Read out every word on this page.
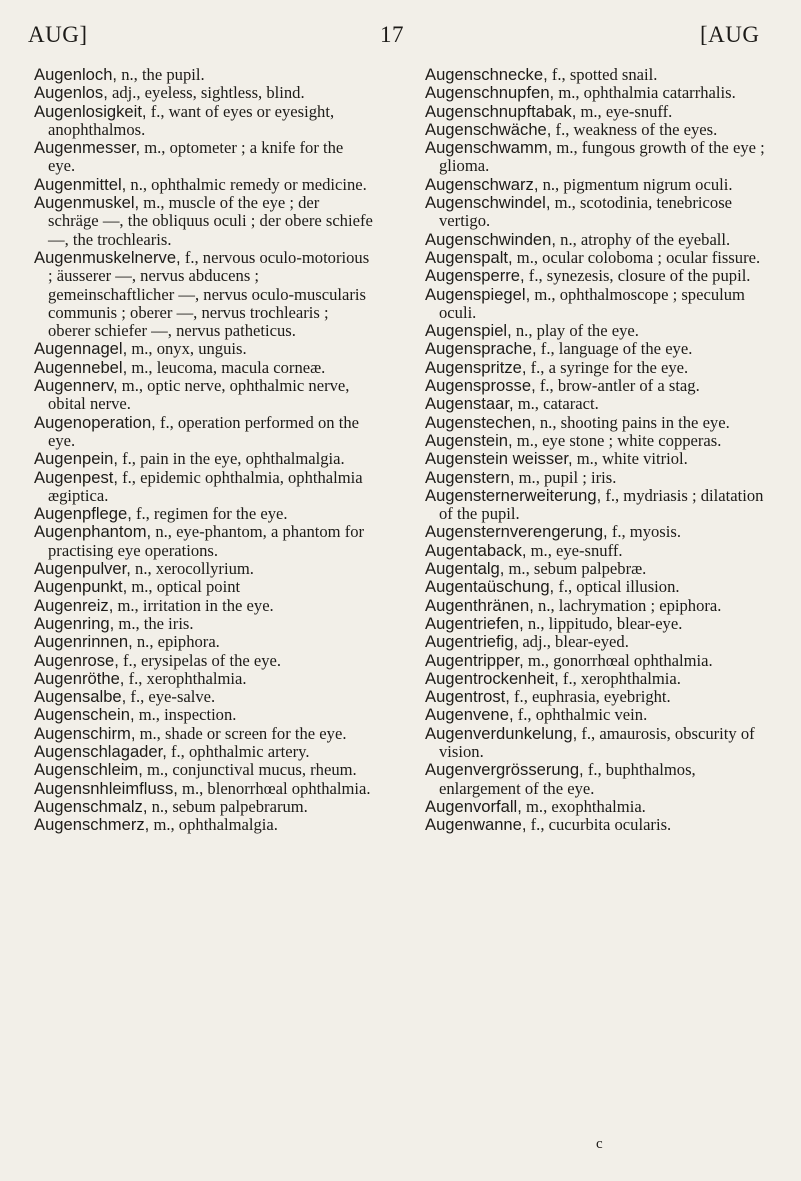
AUG]	17	[AUG

Augenloch, n., the pupil.

Augenlos, adj., eyeless, sightless, blind.

Augenlosigkeit, f., want of eyes or eyesight, anophthalmos.

Augenmesser, m., optometer ; a knife for the eye.

Augenmittel, n., ophthalmic remedy or medicine.

Augenmuskel, m., muscle of the eye ; der schräge —, the obliquus oculi ; der obere schiefe —, the trochlearis.

Augenmuskelnerve, f., nervous oculo-motorious ; äusserer —, nervus abducens ; gemeinschaftlicher —, nervus oculo-muscularis communis ; oberer —, nervus trochlearis ; oberer schiefer —, nervus patheticus.

Augennagel, m., onyx, unguis.

Augennebel, m., leucoma, macula corneæ.

Augennerv, m., optic nerve, ophthalmic nerve, obital nerve.

Augenoperation, f., operation performed on the eye.

Augenpein, f., pain in the eye, ophthalmalgia.

Augenpest, f., epidemic ophthalmia, ophthalmia ægiptica.

Augenpflege, f., regimen for the eye.

Augenphantom, n., eye-phantom, a phantom for practising eye operations.

Augenpulver, n., xerocollyrium.

Augenpunkt, m., optical point

Augenreiz, m., irritation in the eye.

Augenring, m., the iris.

Augenrinnen, n., epiphora.

Augenrose, f., erysipelas of the eye.

Augenröthe, f., xerophthalmia.

Augensalbe, f., eye-salve.

Augenschein, m., inspection.

Augenschirm, m., shade or screen for the eye.

Augenschlagader, f., ophthalmic artery.

Augenschleim, m., conjunctival mucus, rheum.

Augensnhleimfluss, m., blenorrhœal ophthalmia.

Augenschmalz, n., sebum palpebrarum.

Augenschmerz, m., ophthalmalgia.

Augenschnecke, f., spotted snail.

Augenschnupfen, m., ophthalmia catarrhalis.

Augenschnupftabak, m., eye-snuff.

Augenschwäche, f., weakness of the eyes.

Augenschwamm, m., fungous growth of the eye ; glioma.

Augenschwarz, n., pigmentum nigrum oculi.

Augenschwindel, m., scotodinia, tenebricose vertigo.

Augenschwinden, n., atrophy of the eyeball.

Augenspalt, m., ocular coloboma ; ocular fissure.

Augensperre, f., synezesis, closure of the pupil.

Augenspiegel, m., ophthalmoscope ; speculum oculi.

Augenspiel, n., play of the eye.

Augensprache, f., language of the eye.

Augenspritze, f., a syringe for the eye.

Augensprosse, f., brow-antler of a stag.

Augenstaar, m., cataract.

Augenstechen, n., shooting pains in the eye.

Augenstein, m., eye stone ; white copperas.

Augenstein weisser, m., white vitriol.

Augenstern, m., pupil ; iris.

Augensternerweiterung, f., mydriasis ; dilatation of the pupil.

Augensternverengerung, f., myosis.

Augentaback, m., eye-snuff.

Augentalg, m., sebum palpebræ.

Augentaüschung, f., optical illusion.

Augenthränen, n., lachrymation ; epiphora.

Augentriefen, n., lippitudo, blear-eye.

Augentriefig, adj., blear-eyed.

Augentripper, m., gonorrhœal ophthalmia.

Augentrockenheit, f., xerophthalmia.

Augentrost, f., euphrasia, eyebright.

Augenvene, f., ophthalmic vein.

Augenverdunkelung, f., amaurosis, obscurity of vision.

Augenvergrösserung, f., buphthalmos, enlargement of the eye.

Augenvorfall, m., exophthalmia.

Augenwanne, f., cucurbita ocularis.

c
